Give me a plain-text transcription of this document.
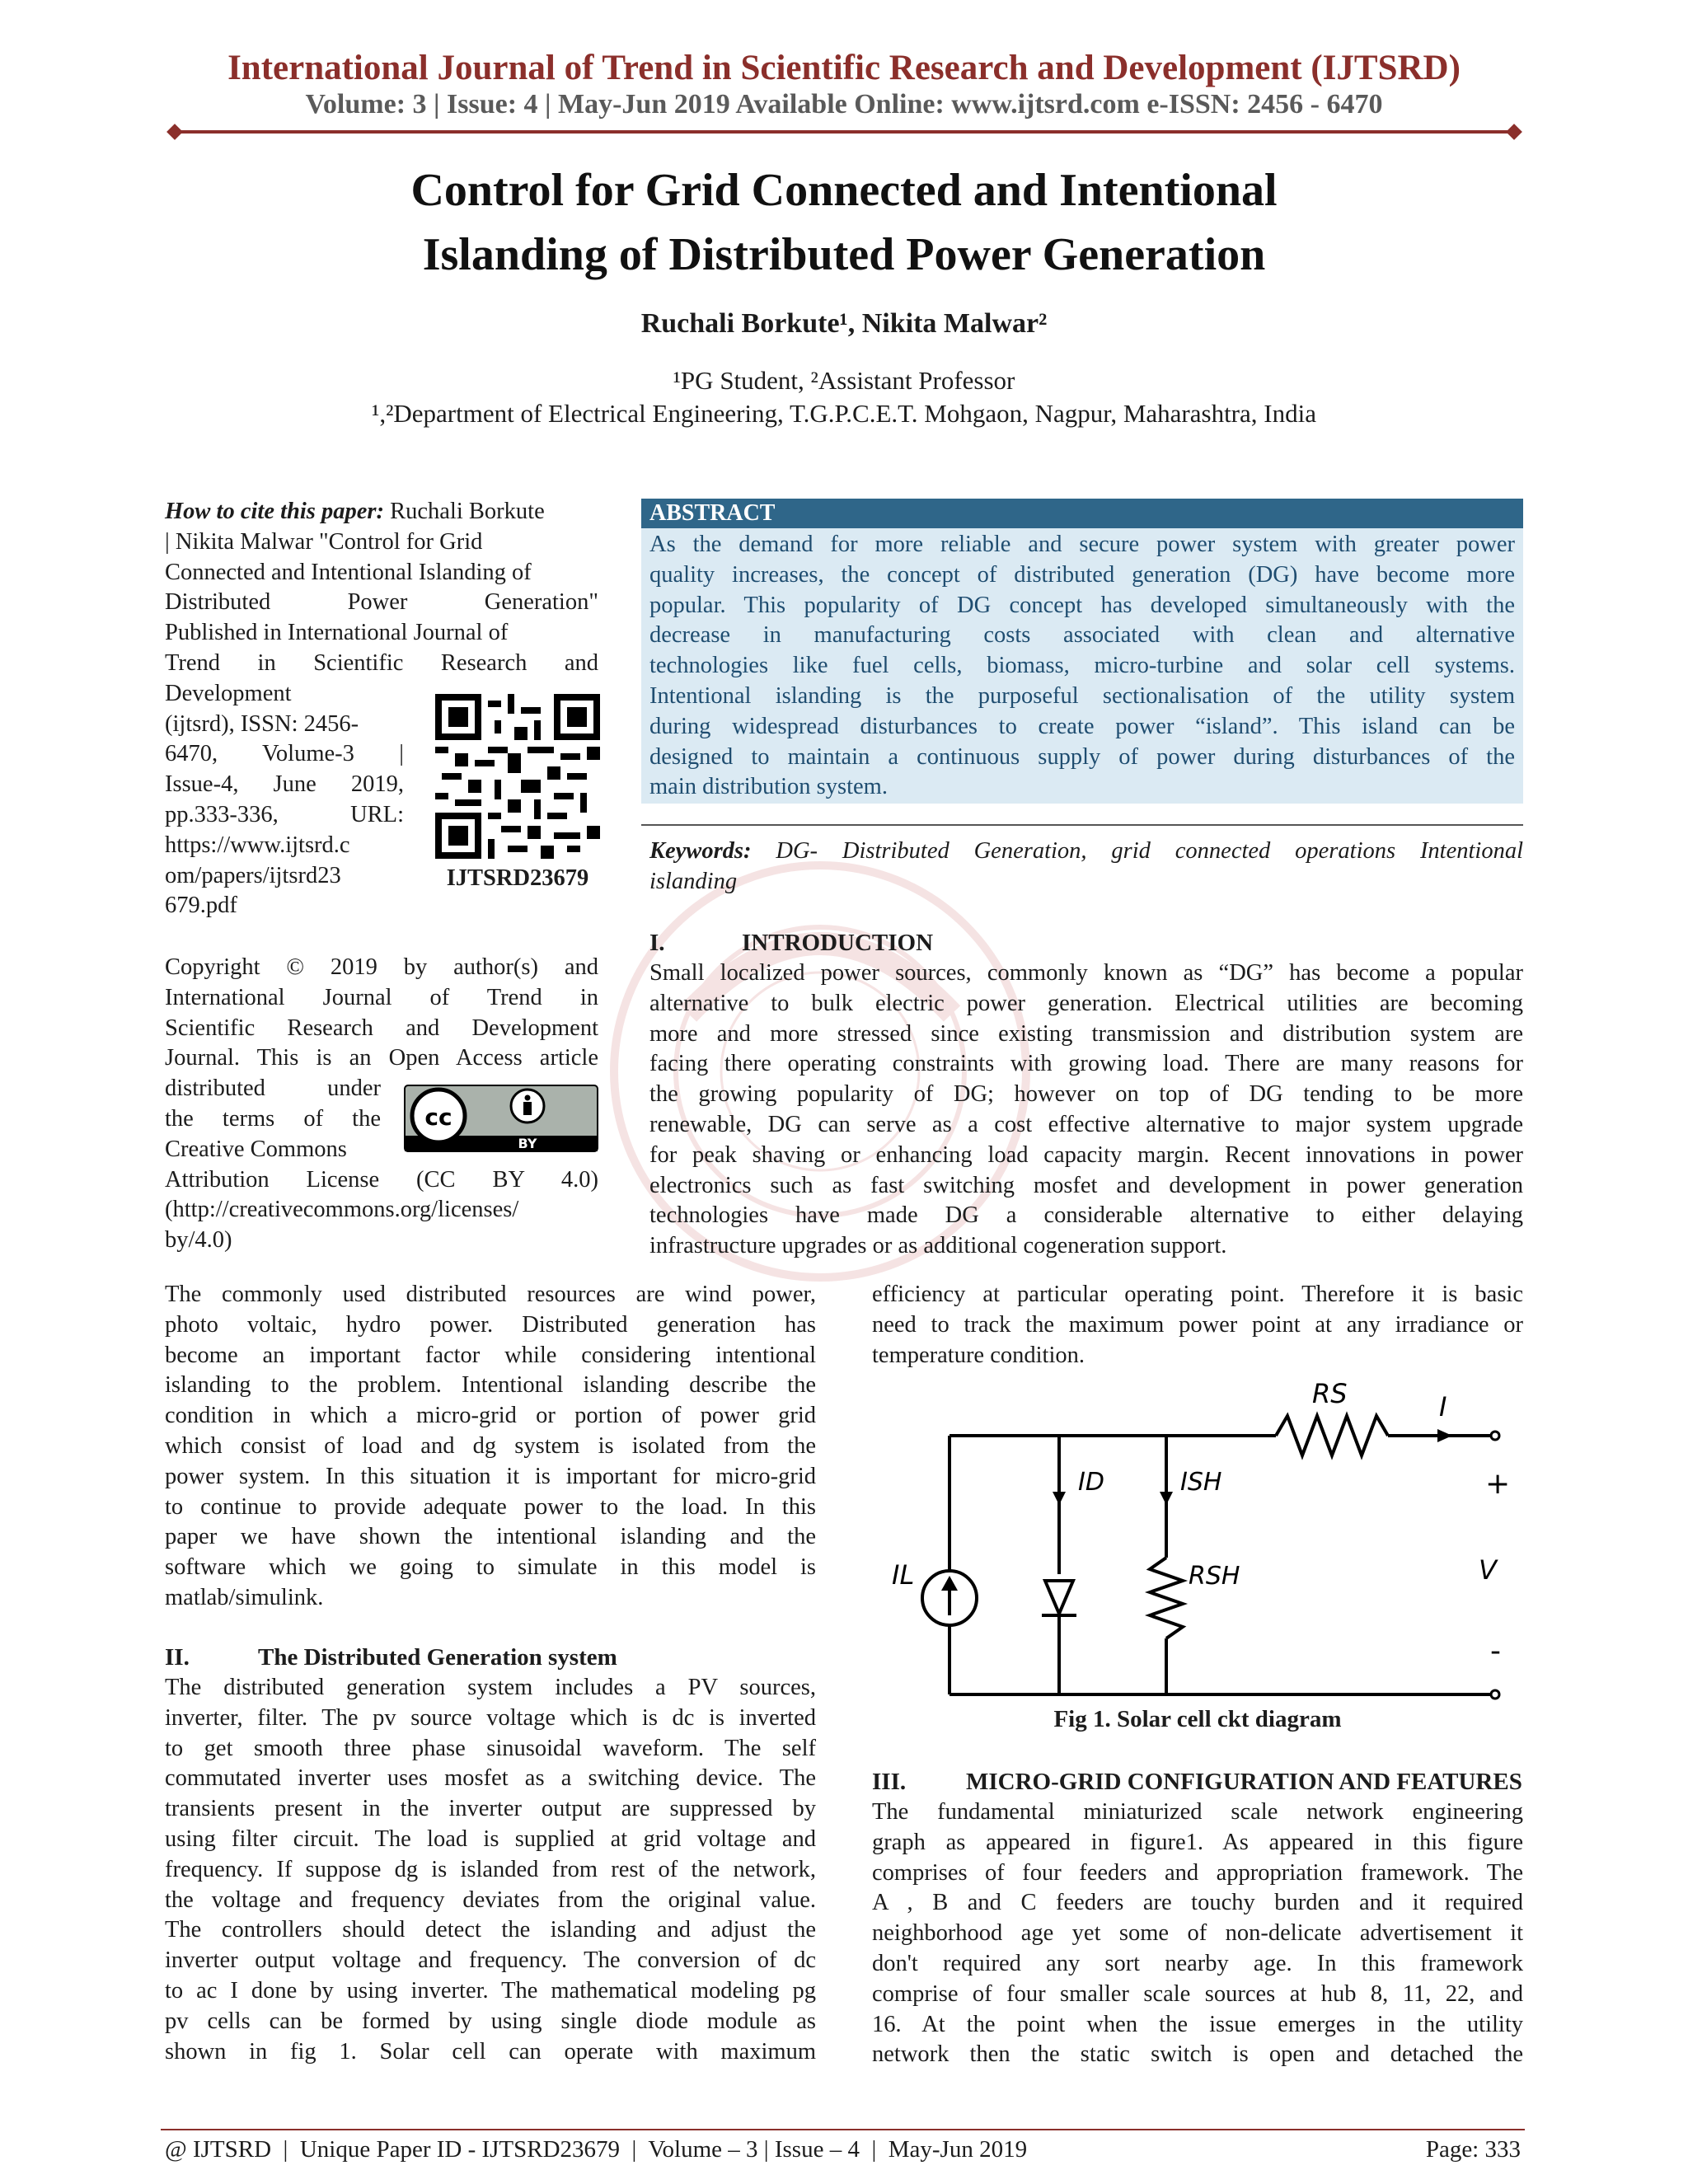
International Journal of Trend in Scientific Research and Development (IJTSRD)
Volume: 3 | Issue: 4 | May-Jun 2019 Available Online: www.ijtsrd.com e-ISSN: 2456 - 6470
Control for Grid Connected and Intentional
Islanding of Distributed Power Generation
Ruchali Borkute¹, Nikita Malwar²
¹PG Student, ²Assistant Professor
¹,²Department of Electrical Engineering, T.G.P.C.E.T. Mohgaon, Nagpur, Maharashtra, India
How to cite this paper: Ruchali Borkute
| Nikita Malwar "Control for Grid
Connected and Intentional Islanding of
Distributed Power Generation"
Published in International Journal of
Trend in Scientific Research and
Development
(ijtsrd), ISSN: 2456-
6470, Volume-3 |
Issue-4, June 2019,
pp.333-336, URL:
https://www.ijtsrd.c
om/papers/ijtsrd23
679.pdf
IJTSRD23679
Copyright © 2019 by author(s) and
International Journal of Trend in
Scientific Research and Development
Journal. This is an Open Access article
distributed under
the terms of the
Creative Commons
Attribution License (CC BY 4.0)
(http://creativecommons.org/licenses/
by/4.0)
cc
BY
ABSTRACT
As the demand for more reliable and secure power system with greater power
quality increases, the concept of distributed generation (DG) have become more
popular. This popularity of DG concept has developed simultaneously with the
decrease in manufacturing costs associated with clean and alternative
technologies like fuel cells, biomass, micro-turbine and solar cell systems.
Intentional islanding is the purposeful sectionalisation of the utility system
during widespread disturbances to create power “island”. This island can be
designed to maintain a continuous supply of power during disturbances of the
main distribution system.
Keywords: DG- Distributed Generation, grid connected operations Intentional
islanding
I.	INTRODUCTION
Small localized power sources, commonly known as “DG” has become a popular
alternative to bulk electric power generation. Electrical utilities are becoming
more and more stressed since existing transmission and distribution system are
facing there operating constraints with growing load. There are many reasons for
the growing popularity of DG; however on top of DG tending to be more
renewable, DG can serve as a cost effective alternative to major system upgrade
for peak shaving or enhancing load capacity margin. Recent innovations in power
electronics such as fast switching mosfet and development in power generation
technologies have made DG a considerable alternative to either delaying
infrastructure upgrades or as additional cogeneration support.
The commonly used distributed resources are wind power,
photo voltaic, hydro power. Distributed generation has
become an important factor while considering intentional
islanding to the problem. Intentional islanding describe the
condition in which a micro-grid or portion of power grid
which consist of load and dg system is isolated from the
power system. In this situation it is important for micro-grid
to continue to provide adequate power to the load. In this
paper we have shown the intentional islanding and the
software which we going to simulate in this model is
matlab/simulink.
II.	The Distributed Generation system
The distributed generation system includes a PV sources,
inverter, filter. The pv source voltage which is dc is inverted
to get smooth three phase sinusoidal waveform. The self
commutated inverter uses mosfet as a switching device. The
transients present in the inverter output are suppressed by
using filter circuit. The load is supplied at grid voltage and
frequency. If suppose dg is islanded from rest of the network,
the voltage and frequency deviates from the original value.
The controllers should detect the islanding and adjust the
inverter output voltage and frequency. The conversion of dc
to ac I done by using inverter. The mathematical modeling pg
pv cells can be formed by using single diode module as
shown in fig 1. Solar cell can operate with maximum
efficiency at particular operating point. Therefore it is basic
need to track the maximum power point at any irradiance or
temperature condition.
RS	I
ID	ISH
RSH
IL	V
+
-
Fig 1. Solar cell ckt diagram
III.	MICRO-GRID CONFIGURATION AND FEATURES
The fundamental miniaturized scale network engineering
graph as appeared in figure1. As appeared in this figure
comprises of four feeders and appropriation framework. The
A , B and C feeders are touchy burden and it required
neighborhood age yet some of non-delicate advertisement it
don't required any sort nearby age. In this framework
comprise of four smaller scale sources at hub 8, 11, 22, and
16. At the point when the issue emerges in the utility
network then the static switch is open and detached the
@ IJTSRD  |  Unique Paper ID - IJTSRD23679  |  Volume – 3 | Issue – 4  |  May-Jun 2019	Page: 333
